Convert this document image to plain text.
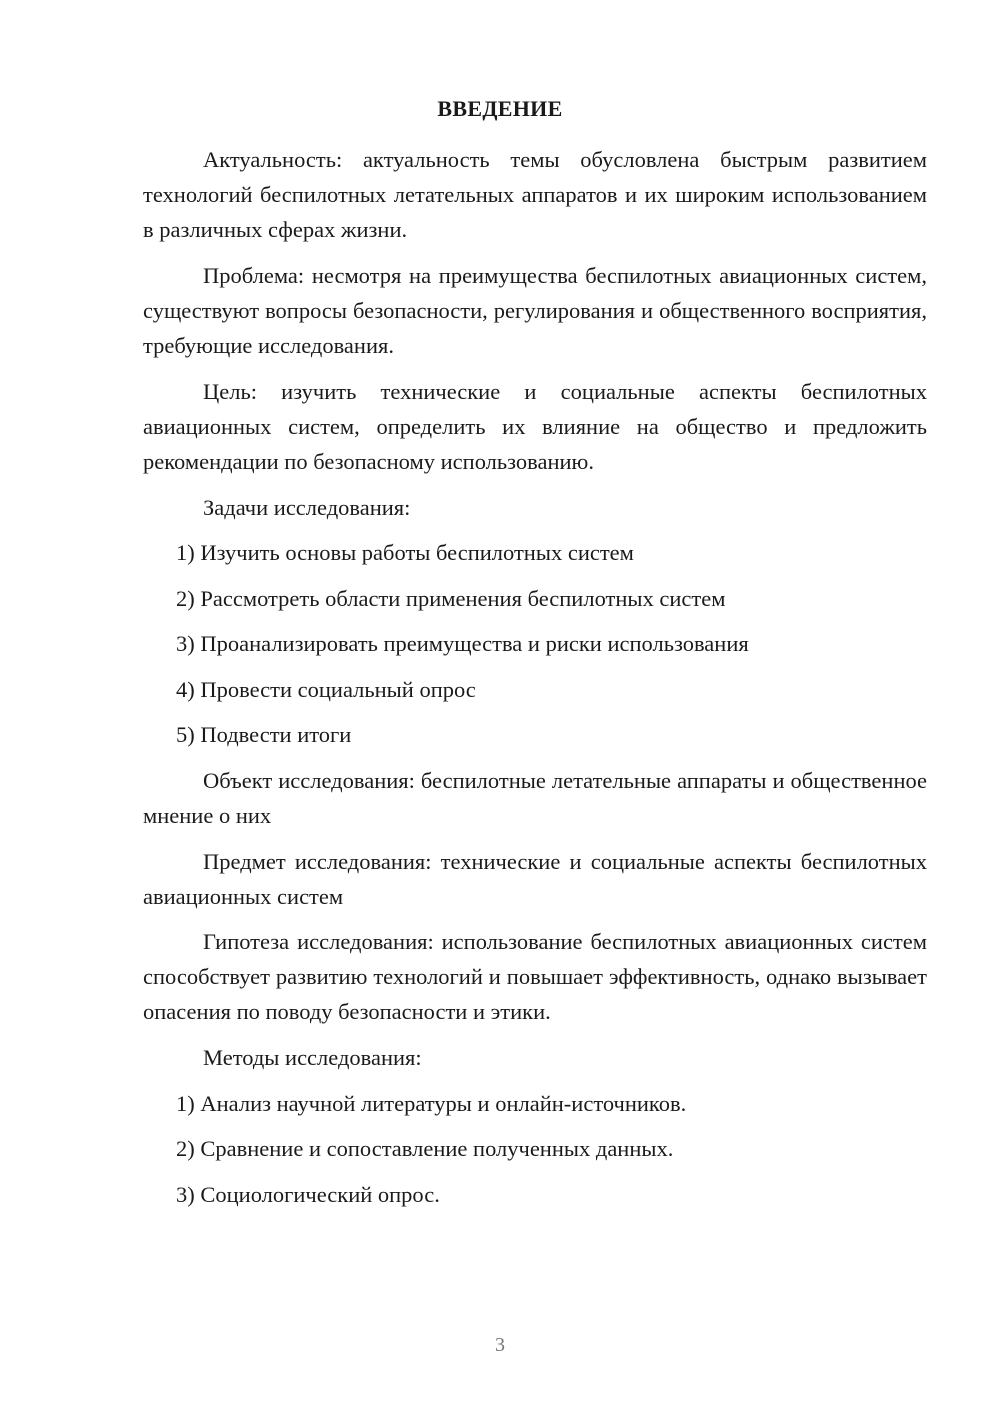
ВВЕДЕНИЕ
Актуальность: актуальность темы обусловлена быстрым развитием технологий беспилотных летательных аппаратов и их широким использованием в различных сферах жизни.
Проблема: несмотря на преимущества беспилотных авиационных систем, существуют вопросы безопасности, регулирования и общественного восприятия, требующие исследования.
Цель: изучить технические и социальные аспекты беспилотных авиационных систем, определить их влияние на общество и предложить рекомендации по безопасному использованию.
Задачи исследования:
1) Изучить основы работы беспилотных систем
2) Рассмотреть области применения беспилотных систем
3) Проанализировать преимущества и риски использования
4) Провести социальный опрос
5) Подвести итоги
Объект исследования: беспилотные летательные аппараты и общественное мнение о них
Предмет исследования: технические и социальные аспекты беспилотных авиационных систем
Гипотеза исследования: использование беспилотных авиационных систем способствует развитию технологий и повышает эффективность, однако вызывает опасения по поводу безопасности и этики.
Методы исследования:
1) Анализ научной литературы и онлайн-источников.
2) Сравнение и сопоставление полученных данных.
3) Социологический опрос.
3
